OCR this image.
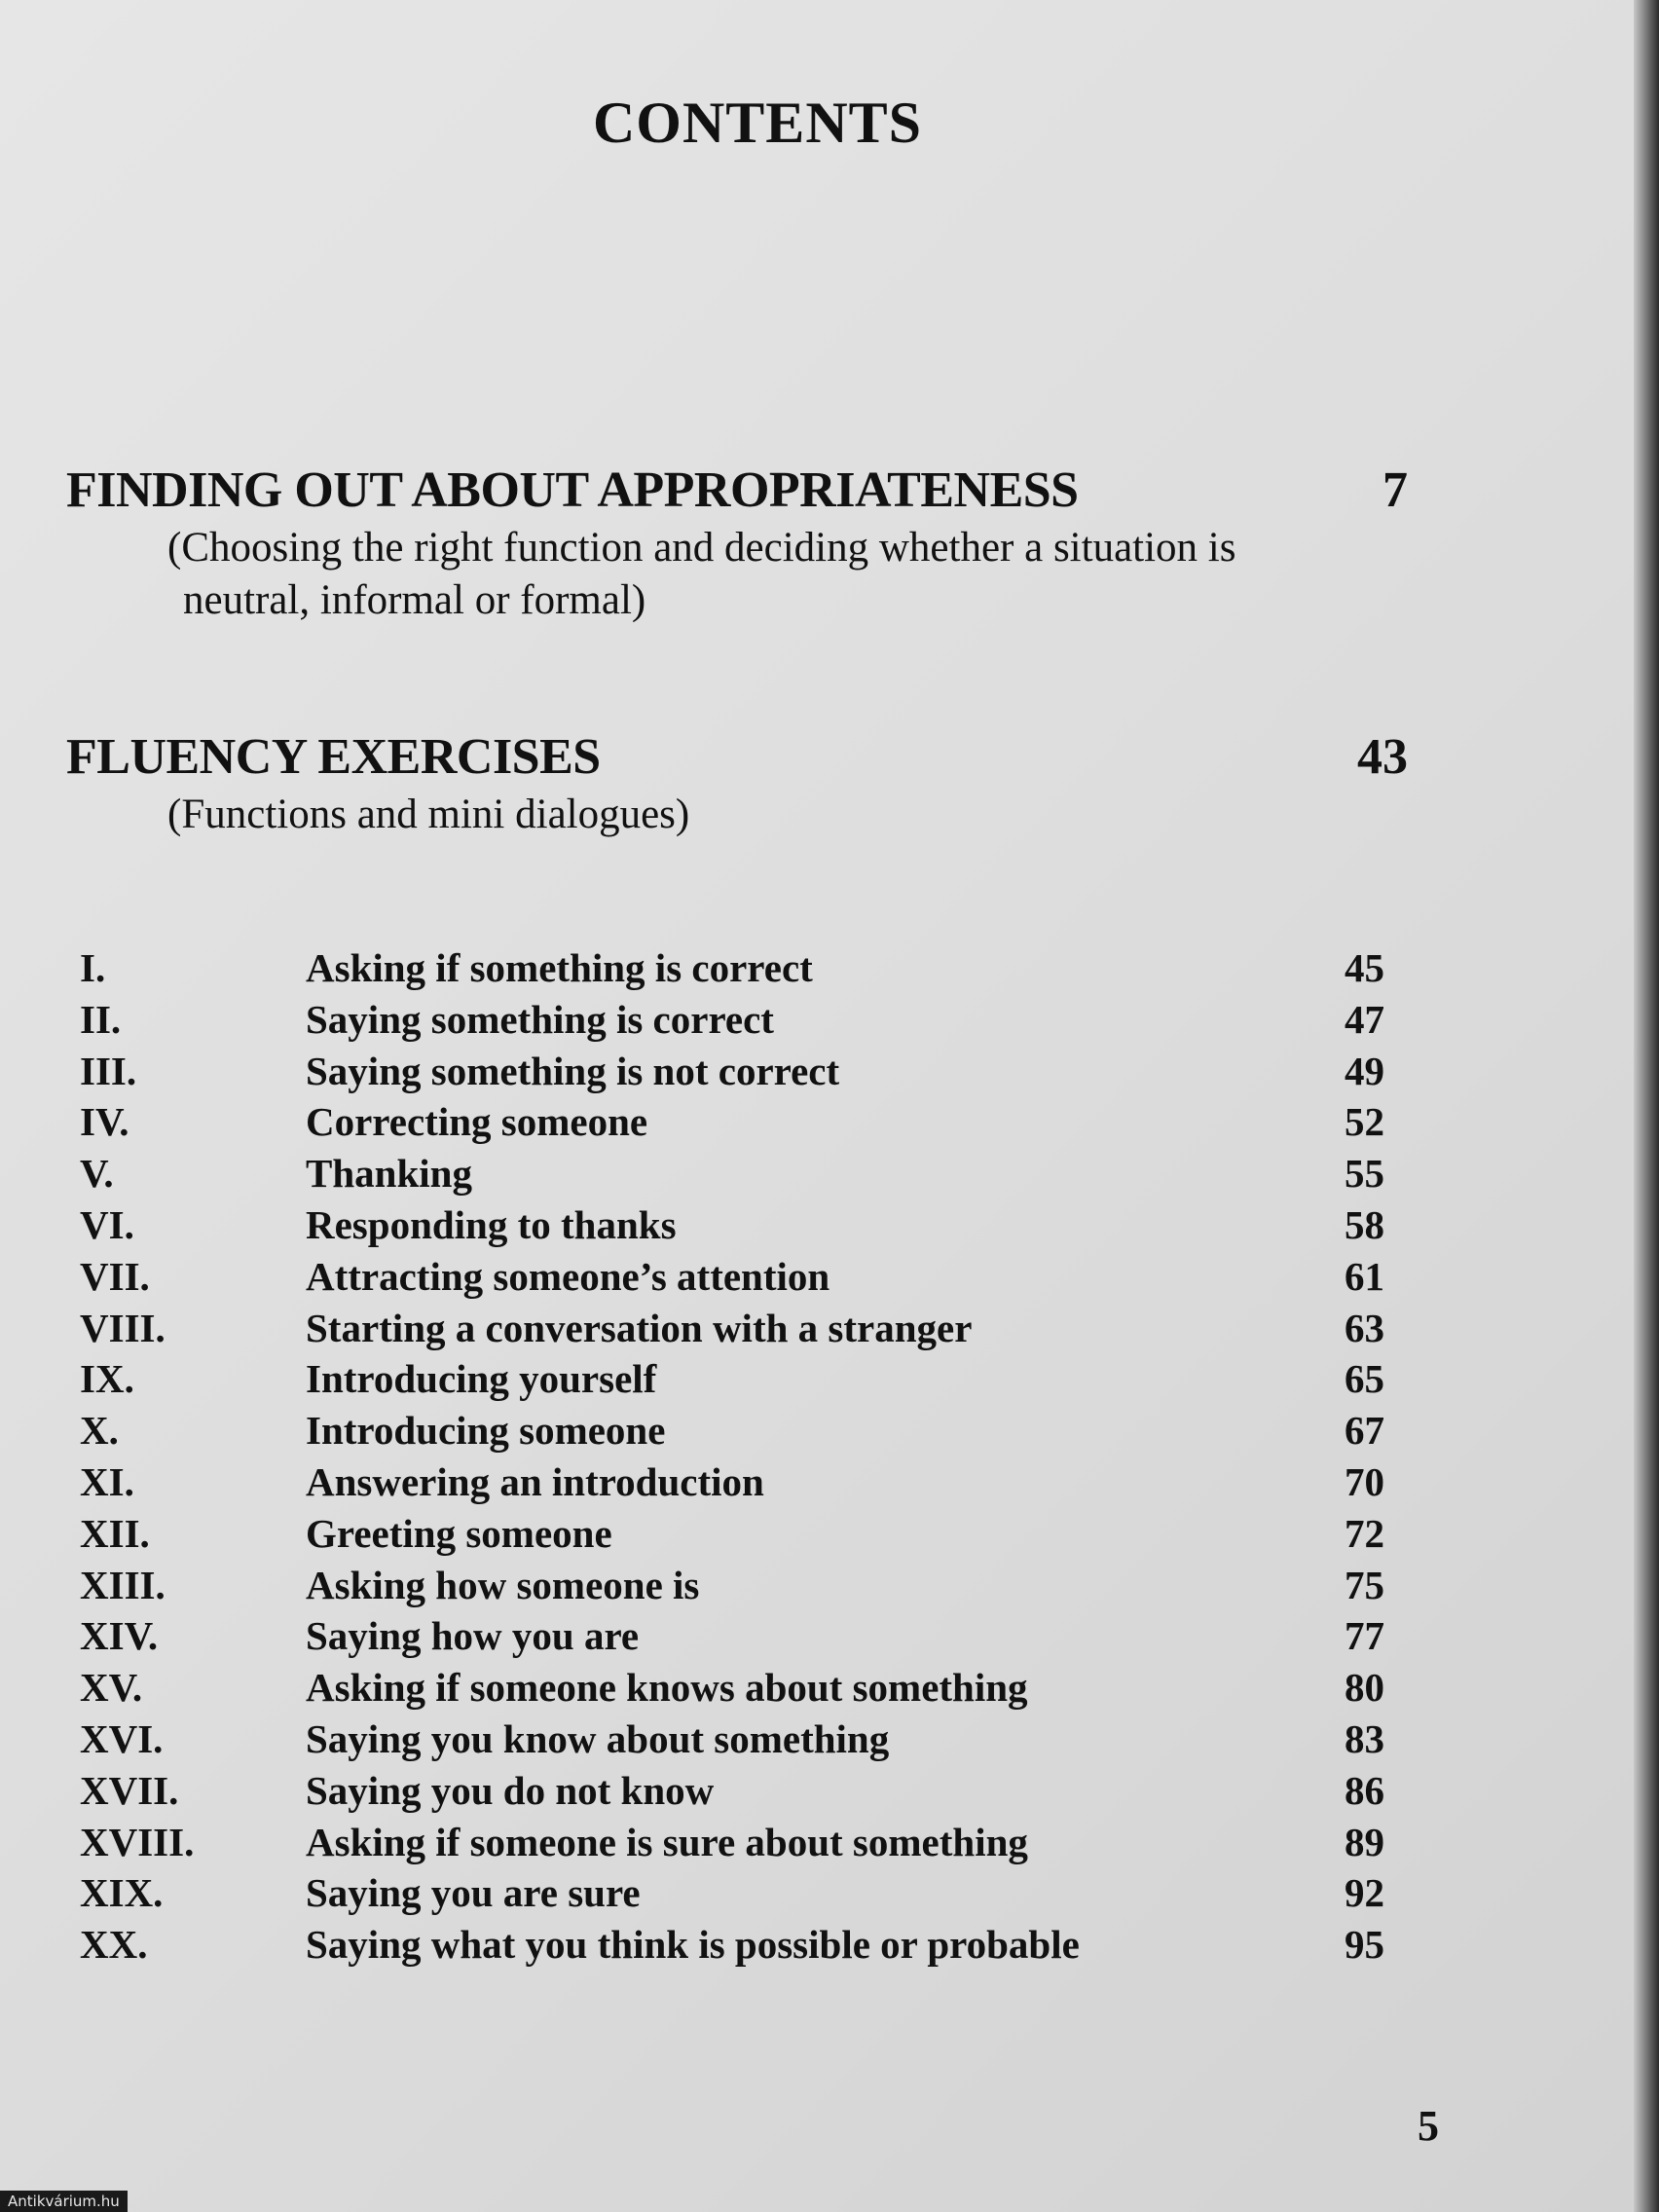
CONTENTS
FINDING OUT ABOUT APPROPRIATENESS	7
(Choosing the right function and deciding whether a situation is
neutral, informal or formal)
FLUENCY EXERCISES	43
(Functions and mini dialogues)
I.	Asking if something is correct	45
II.	Saying something is correct	47
III.	Saying something is not correct	49
IV.	Correcting someone	52
V.	Thanking	55
VI.	Responding to thanks	58
VII.	Attracting someone’s attention	61
VIII.	Starting a conversation with a stranger	63
IX.	Introducing yourself	65
X.	Introducing someone	67
XI.	Answering an introduction	70
XII.	Greeting someone	72
XIII.	Asking how someone is	75
XIV.	Saying how you are	77
XV.	Asking if someone knows about something	80
XVI.	Saying you know about something	83
XVII.	Saying you do not know	86
XVIII.	Asking if someone is sure about something	89
XIX.	Saying you are sure	92
XX.	Saying what you think is possible or probable	95
5
Antikvárium.hu
